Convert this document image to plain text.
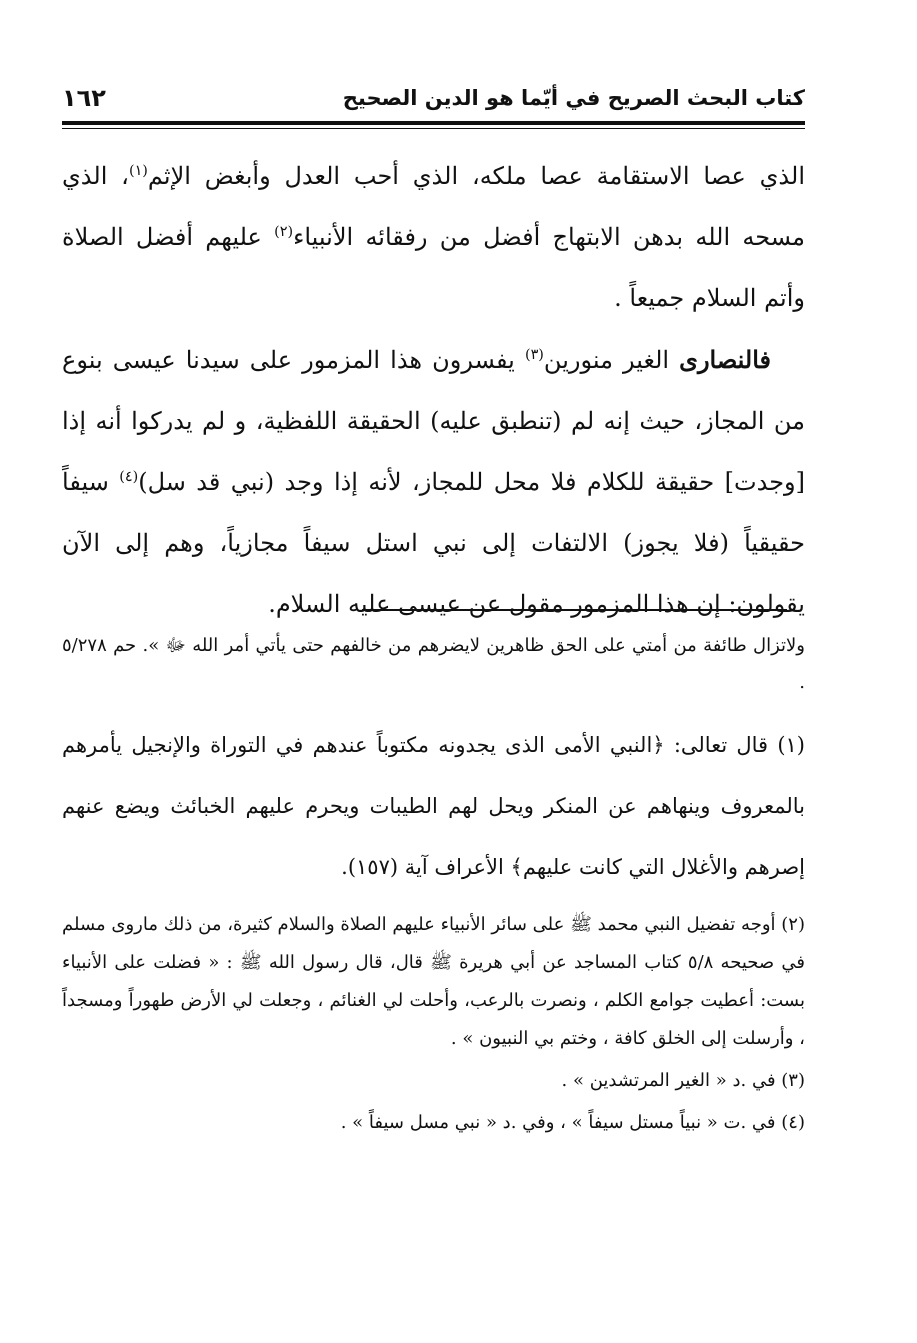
كتاب البحث الصريح في أيّما هو الدين الصحيح
١٦٢

الذي عصا الاستقامة عصا ملكه، الذي أحب العدل وأبغض الإثم$^{(١)}$، الذي مسحه الله بدهن الابتهاج أفضل من رفقائه الأنبياء$^{(٢)}$ عليهم أفضل الصلاة وأتم السلام جميعاً .

فالنصارى الغير منورين$^{(٣)}$ يفسرون هذا المزمور على سيدنا عيسى بنوع من المجاز، حيث إنه لم (تنطبق عليه) الحقيقة اللفظية، و لم يدركوا أنه إذا [وجدت] حقيقة للكلام فلا محل للمجاز، لأنه إذا وجد (نبي قد سل)$^{(٤)}$ سيفاً حقيقياً (فلا يجوز) الالتفات إلى نبي استل سيفاً مجازياً، وهم إلى الآن يقولون: إن هذا المزمور مقول عن عيسى عليه السلام.

ولاتزال طائفة من أمتي على الحق ظاهرين لايضرهم من خالفهم حتى يأتي أمر الله ﷻ ». حم ٥/٢٧٨ .

(١) قال تعالى: ﴿النبي الأمى الذى يجدونه مكتوباً عندهم في التوراة والإنجيل يأمرهم بالمعروف وينهاهم عن المنكر ويحل لهم الطيبات ويحرم عليهم الخبائث ويضع عنهم إصرهم والأغلال التي كانت عليهم﴾ الأعراف آية (١٥٧).

(٢) أوجه تفضيل النبي محمد ﷺ على سائر الأنبياء عليهم الصلاة والسلام كثيرة، من ذلك ماروى مسلم في صحيحه ٥/٨ كتاب المساجد عن أبي هريرة ﷺ قال، قال رسول الله ﷺ : « فضلت على الأنبياء بست: أعطيت جوامع الكلم ، ونصرت بالرعب، وأحلت لي الغنائم ، وجعلت لي الأرض طهوراً ومسجداً ، وأرسلت إلى الخلق كافة ، وختم بي النبيون » .

(٣) في .د « الغير المرتشدين » .

(٤) في .ت « نبياً مستل سيفاً » ، وفي .د « نبي مسل سيفاً » .
